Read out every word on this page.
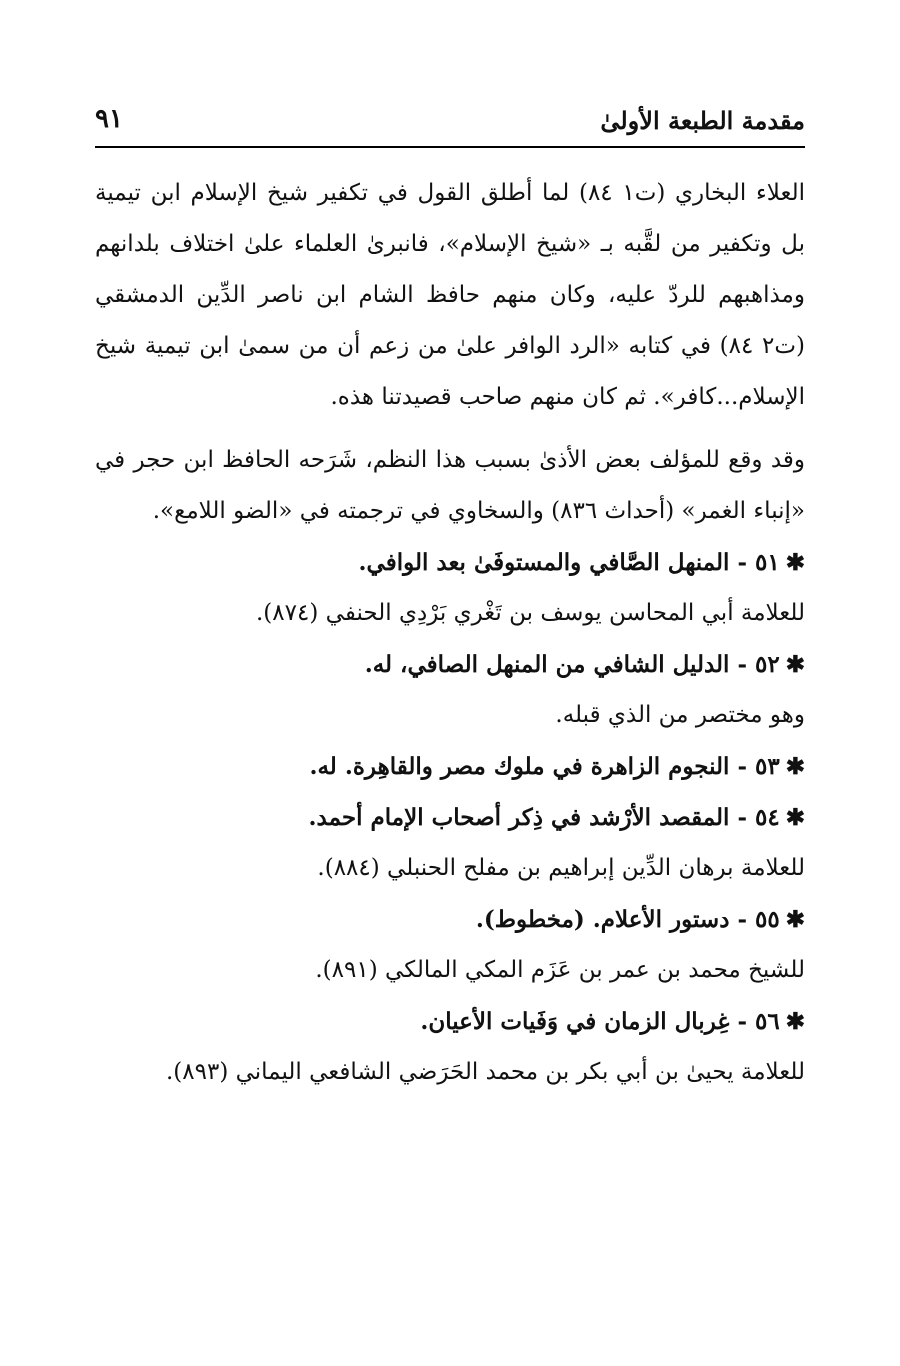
مقدمة الطبعة الأولىٰ
٩١

العلاء البخاري (ت١ ٨٤) لما أطلق القول في تكفير شيخ الإسلام ابن تيمية بل وتكفير من لقَّبه بـ «شيخ الإسلام»، فانبرىٰ العلماء علىٰ اختلاف بلدانهم ومذاهبهم للردّ عليه، وكان منهم حافظ الشام ابن ناصر الدِّين الدمشقي (ت٢ ٨٤) في كتابه «الرد الوافر علىٰ من زعم أن من سمىٰ ابن تيمية شيخ الإسلام...كافر». ثم كان منهم صاحب قصيدتنا هذه.

وقد وقع للمؤلف بعض الأذىٰ بسبب هذا النظم، شَرَحه الحافظ ابن حجر في «إنباء الغمر» (أحداث ٨٣٦) والسخاوي في ترجمته في «الضو اللامع».

✱٥١ - المنهل الصَّافي والمستوفَىٰ بعد الوافي.

للعلامة أبي المحاسن يوسف بن تَغْري بَرْدِي الحنفي (٨٧٤).

✱٥٢ - الدليل الشافي من المنهل الصافي، له.

وهو مختصر من الذي قبله.

✱٥٣ - النجوم الزاهرة في ملوك مصر والقاهِرة. له.

✱٥٤ - المقصد الأرْشد في ذِكر أصحاب الإمام أحمد.

للعلامة برهان الدِّين إبراهيم بن مفلح الحنبلي (٨٨٤).

✱٥٥ - دستور الأعلام. (مخطوط).

للشيخ محمد بن عمر بن عَزَم المكي المالكي (٨٩١).

✱٥٦ - غِربال الزمان في وَفَيات الأعيان.

للعلامة يحيىٰ بن أبي بكر بن محمد الحَرَضي الشافعي اليماني (٨٩٣).
